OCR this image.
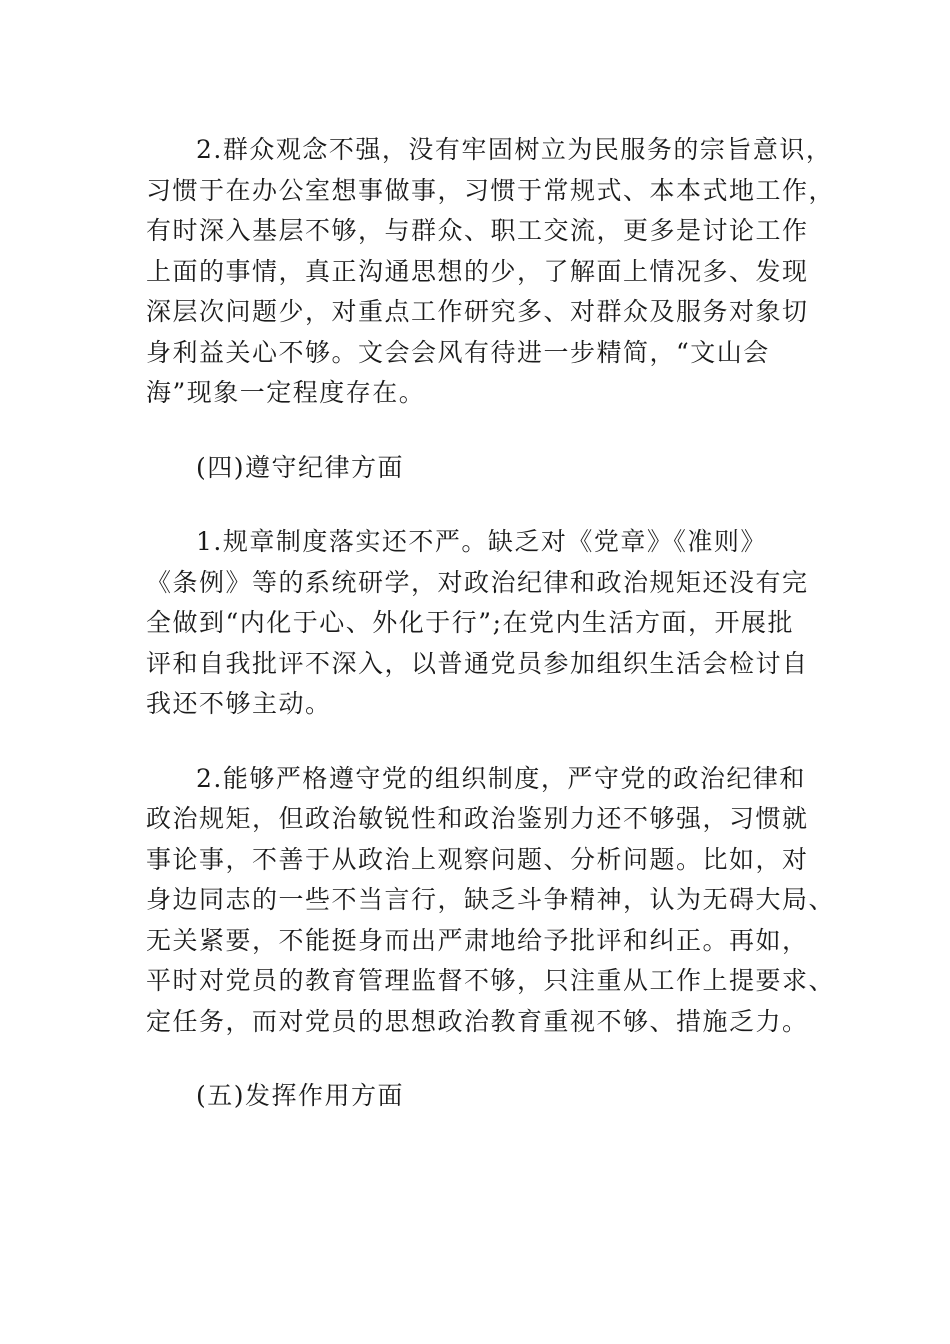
2.群众观念不强，没有牢固树立为民服务的宗旨意识，
习惯于在办公室想事做事，习惯于常规式、本本式地工作，
有时深入基层不够，与群众、职工交流，更多是讨论工作
上面的事情，真正沟通思想的少，了解面上情况多、发现
深层次问题少，对重点工作研究多、对群众及服务对象切
身利益关心不够。文会会风有待进一步精简，“文山会
海”现象一定程度存在。
(四)遵守纪律方面
1.规章制度落实还不严。缺乏对《党章》《准则》
《条例》等的系统研学，对政治纪律和政治规矩还没有完
全做到“内化于心、外化于行”;在党内生活方面，开展批
评和自我批评不深入，以普通党员参加组织生活会检讨自
我还不够主动。
2.能够严格遵守党的组织制度，严守党的政治纪律和
政治规矩，但政治敏锐性和政治鉴别力还不够强，习惯就
事论事，不善于从政治上观察问题、分析问题。比如，对
身边同志的一些不当言行，缺乏斗争精神，认为无碍大局、
无关紧要，不能挺身而出严肃地给予批评和纠正。再如，
平时对党员的教育管理监督不够，只注重从工作上提要求、
定任务，而对党员的思想政治教育重视不够、措施乏力。
(五)发挥作用方面
